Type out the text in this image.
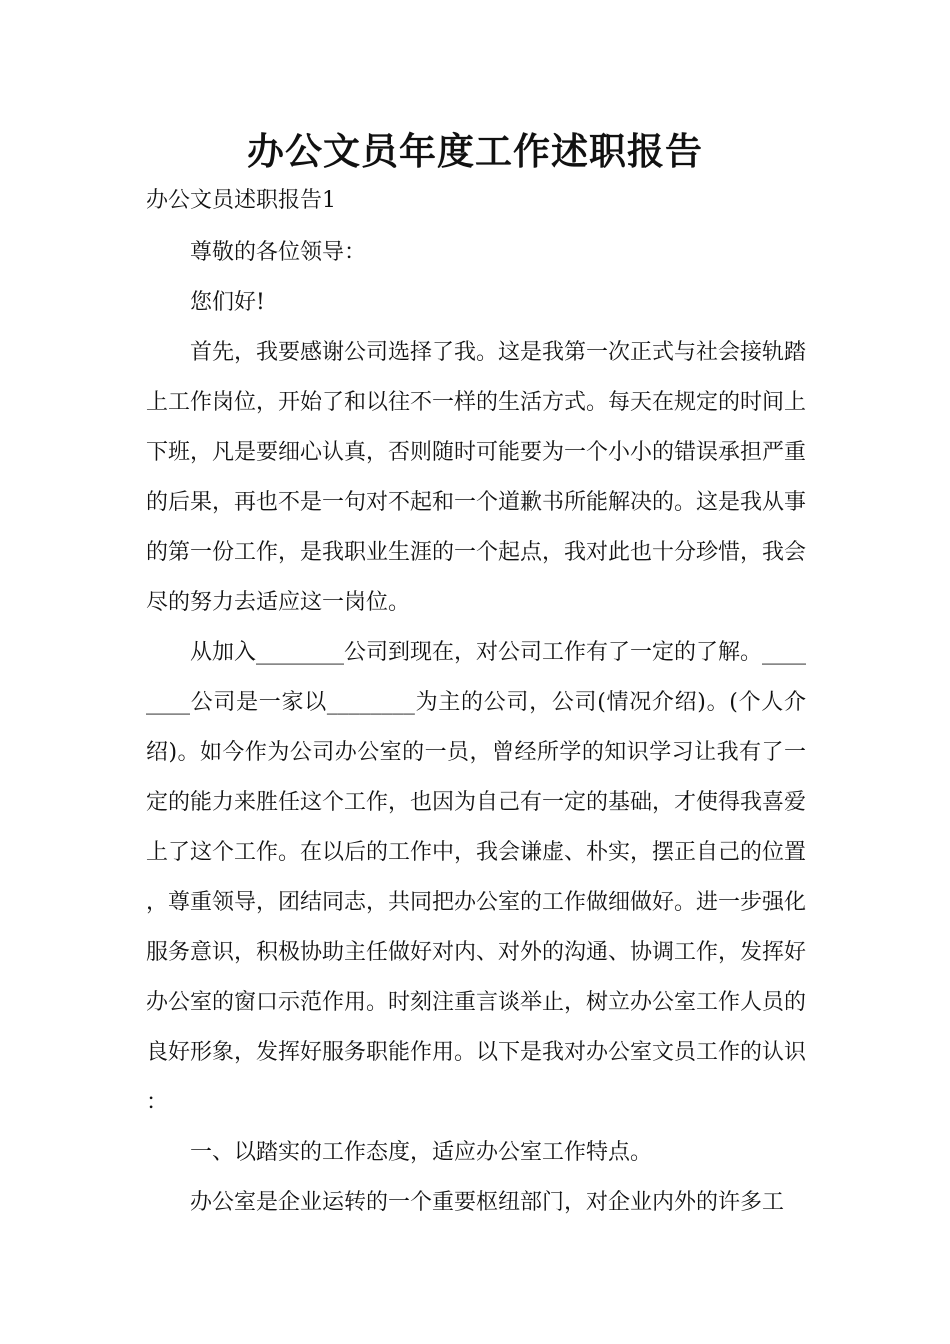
办公文员年度工作述职报告

办公文员述职报告1

尊敬的各位领导：

您们好!

首先，我要感谢公司选择了我。这是我第一次正式与社会接轨踏上工作岗位，开始了和以往不一样的生活方式。每天在规定的时间上下班，凡是要细心认真，否则随时可能要为一个小小的错误承担严重的后果，再也不是一句对不起和一个道歉书所能解决的。这是我从事的第一份工作，是我职业生涯的一个起点，我对此也十分珍惜，我会尽的努力去适应这一岗位。

从加入________公司到现在，对公司工作有了一定的了解。________公司是一家以________为主的公司，公司(情况介绍)。(个人介绍)。如今作为公司办公室的一员，曾经所学的知识学习让我有了一定的能力来胜任这个工作，也因为自己有一定的基础，才使得我喜爱上了这个工作。在以后的工作中，我会谦虚、朴实，摆正自己的位置，尊重领导，团结同志，共同把办公室的工作做细做好。进一步强化服务意识，积极协助主任做好对内、对外的沟通、协调工作，发挥好办公室的窗口示范作用。时刻注重言谈举止，树立办公室工作人员的良好形象，发挥好服务职能作用。以下是我对办公室文员工作的认识：

一、以踏实的工作态度，适应办公室工作特点。

办公室是企业运转的一个重要枢纽部门，对企业内外的许多工
